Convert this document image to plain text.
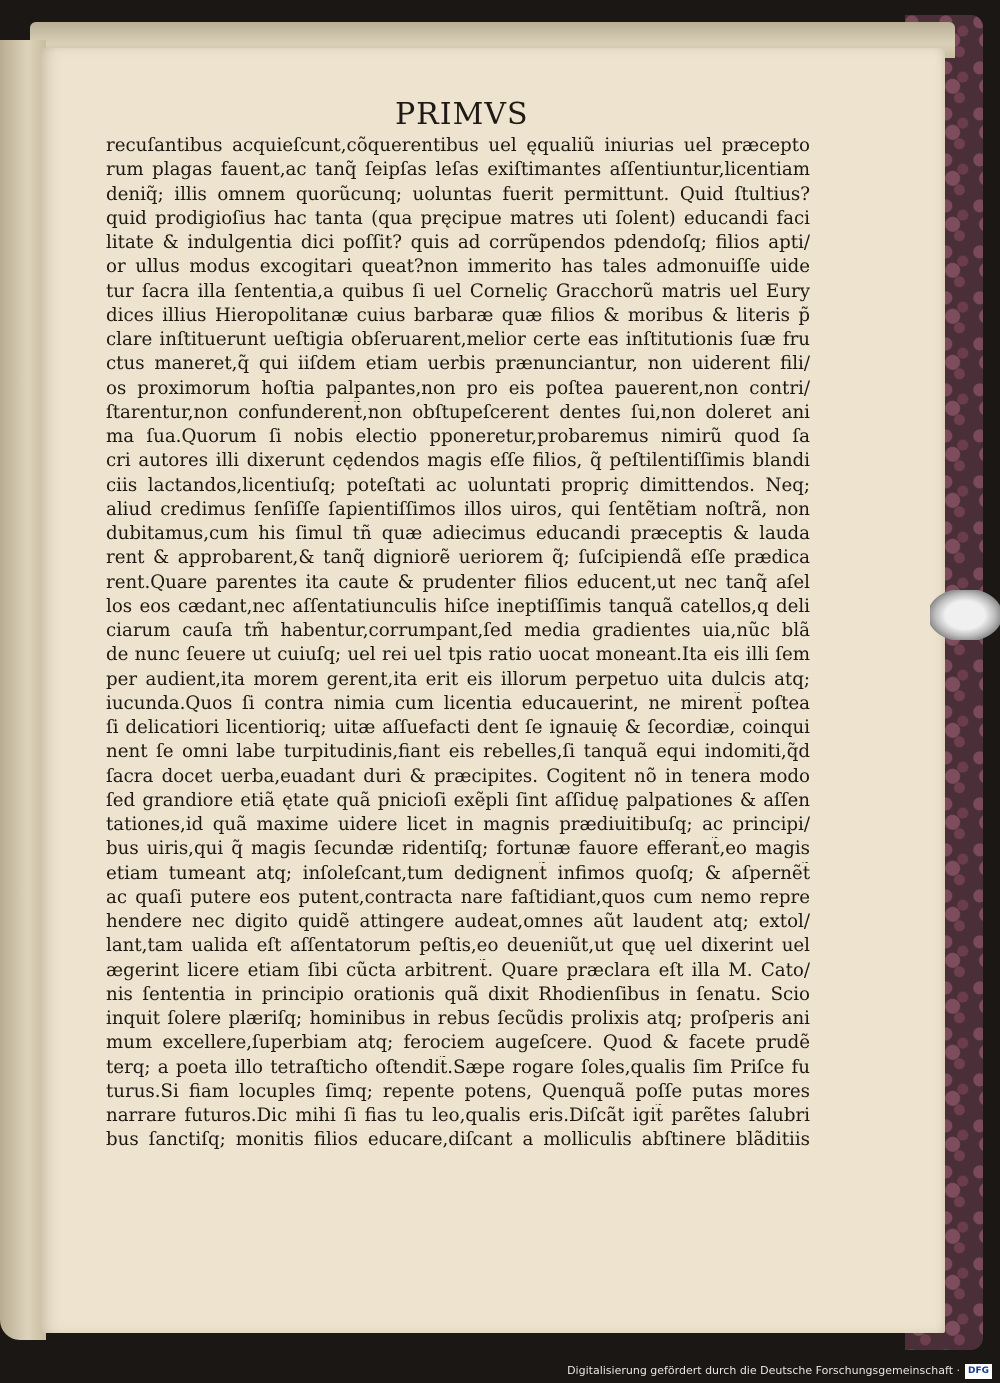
PRIMVS
recuſantibus acquieſcunt,cõquerentibus uel ęqualiũ iniurias uel præcepto
rum plagas fauent,ac tanq̃ ſeipſas leſas exiſtimantes aſſentiuntur,licentiam
deniq̃; illis omnem quorũcunq; uoluntas fuerit permittunt. Quid ſtultius?
quid prodigioſius hac tanta (qua pręcipue matres uti ſolent) educandi faci
litate & indulgentia dici poſſit? quis ad corrũpendos pdendoſq; filios apti/
or ullus modus excogitari queat?non immerito has tales admonuiſſe uide
tur ſacra illa ſententia,a quibus ſi uel Corneliç Gracchorũ matris uel Eury
dices illius Hieropolitanæ cuius barbaræ quæ filios & moribus & literis p̃
clare inſtituerunt ueſtigia obſeruarent,melior certe eas inſtitutionis ſuæ fru
ctus maneret,q̃ qui iiſdem etiam uerbis prænunciantur, non uiderent fili/
os proximorum hoſtia palpantes,non pro eis poſtea pauerent,non contri/
ſtarentur,non confunderent̃,non obſtupeſcerent dentes ſui,non doleret ani
ma ſua.Quorum ſi nobis electio pponeretur,probaremus nimirũ quod ſa
cri autores illi dixerunt cędendos magis eſſe filios, q̃ peſtilentiſſimis blandi
ciis lactandos,licentiuſq; poteſtati ac uoluntati propriç dimittendos. Neq;
aliud credimus ſenſiſſe ſapientiſſimos illos uiros, qui ſentẽtiam noſtrã, non
dubitamus,cum his ſimul tñ quæ adiecimus educandi præceptis & lauda
rent & approbarent,& tanq̃ digniorẽ ueriorem q̃; ſuſcipiendã eſſe prædica
rent.Quare parentes ita caute & prudenter filios educent,ut nec tanq̃ aſel
los eos cædant,nec aſſentatiunculis hiſce ineptiſſimis tanquã catellos,q deli
ciarum cauſa tm̃ habentur,corrumpant,ſed media gradientes uia,nũc blã
de nunc ſeuere ut cuiuſq; uel rei uel tpis ratio uocat moneant.Ita eis illi ſem
per audient,ita morem gerent,ita erit eis illorum perpetuo uita dulcis atq;
iucunda.Quos ſi contra nimia cum licentia educauerint, ne mirent̃ poſtea
ſi delicatiori licentioriq; uitæ aſſuefacti dent ſe ignauię & ſecordiæ, coinqui
nent ſe omni labe turpitudinis,fiant eis rebelles,ſi tanquã equi indomiti,q̃d
ſacra docet uerba,euadant duri & præcipites. Cogitent nõ in tenera modo
ſed grandiore etiã ętate quã pnicioſi exẽpli ſint aſſiduę palpationes & aſſen
tationes,id quã maxime uidere licet in magnis prædiuitibuſq; ac principi/
bus uiris,qui q̃ magis ſecundæ ridentiſq; fortunæ fauore efferant̃,eo magis
etiam tumeant atq; inſoleſcant,tum dedignent̃ infimos quoſq; & aſpernẽt̃
ac quaſi putere eos putent,contracta nare faſtidiant,quos cum nemo repre
hendere nec digito quidẽ attingere audeat,omnes aũt laudent atq; extol/
lant,tam ualida eſt aſſentatorum peſtis,eo deueniũt,ut quę uel dixerint uel
ægerint licere etiam ſibi cũcta arbitrent̃. Quare præclara eſt illa M. Cato/
nis ſententia in principio orationis quã dixit Rhodienſibus in ſenatu. Scio
inquit ſolere plæriſq; hominibus in rebus ſecũdis prolixis atq; proſperis ani
mum excellere,ſuperbiam atq; ferociem augeſcere. Quod & facete prudẽ
terq; a poeta illo tetraſticho oſtendit̃.Sæpe rogare ſoles,qualis ſim Priſce fu
turus.Si fiam locuples ſimq; repente potens, Quenquã poſſe putas mores
narrare futuros.Dic mihi ſi fias tu leo,qualis eris.Diſcãt igit̃ parẽtes ſalubri
bus ſanctiſq; monitis filios educare,diſcant a molliculis abſtinere blãditiis
Digitalisierung gefördert durch die Deutsche Forschungsgemeinschaft · DFG
